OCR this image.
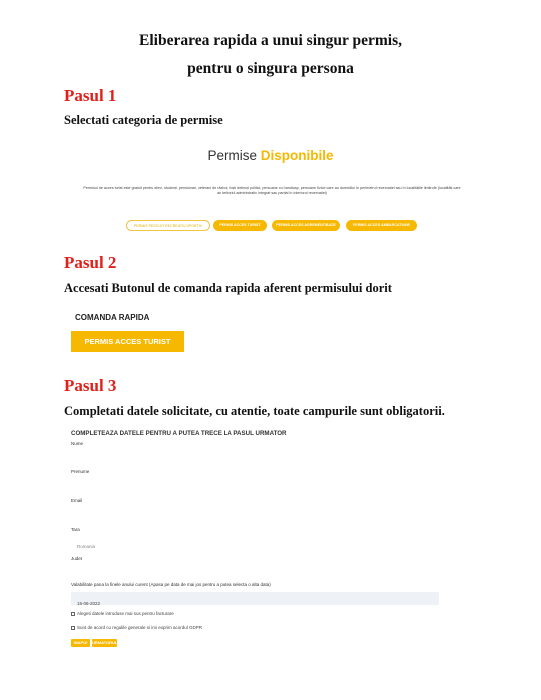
Eliberarea rapida a unui singur permis,
pentru o singura persona
Pasul 1
Selectati categoria de permise
Permise Disponibile
Permisul de acces turist este gratuit pentru elevi, studenți, pensionari, veterani de război, foști deținuți politici, persoane cu handicap, persoane fizice care au domiciliul în perimetrul rezervației sau în localitățile limitrofe (localități care au teritoriul administrativ integrat sau parțial în interiorul rezervației)
PERMIS PESCUIT RECREATIV-SPORTIV	PERMIS ACCES TURIST	PERMIS ACCES AGREMENT/BAZE	PERMIS ACCES AMBARCATIUNE
Pasul 2
Accesati Butonul de comanda rapida aferent permisului dorit
COMANDA RAPIDA
PERMIS ACCES TURIST
Pasul 3
Completati datele solicitate, cu atentie, toate campurile sunt obligatorii.
COMPLETEAZA DATELE PENTRU A PUTEA TRECE LA PASUL URMATOR
Nume
Prenume
Email
Tara
Romania
Judet
Valabilitate pana la finele anului curent (Apasa pe data de mai jos pentru a putea selecta o alta data)
15-06-2022
Alegeti datele introduse mai sus pentru facturare
Sunt de acord cu regulile generale si imi exprim acordul GDPR
INAPOI	URMATORUL
